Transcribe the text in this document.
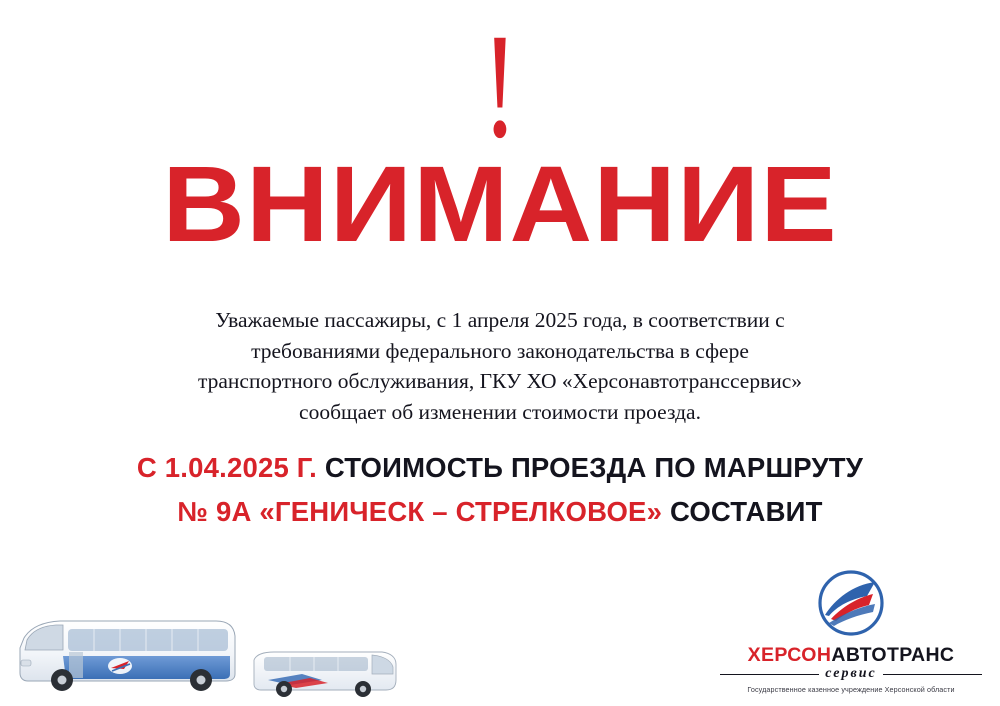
!
ВНИМАНИЕ

Уважаемые пассажиры, с 1 апреля 2025 года, в соответствии с

требованиями федерального законодательства в сфере

транспортного обслуживания, ГКУ ХО «Херсонавтотранссервис»

сообщает об изменении стоимости проезда.

С 1.04.2025 Г. СТОИМОСТЬ ПРОЕЗДА ПО МАРШРУТУ
№ 9А «ГЕНИЧЕСК – СТРЕЛКОВОЕ» СОСТАВИТ
ХЕРСОНАВТОТРАНС
сервис
Государственное казенное учреждение Херсонской области
